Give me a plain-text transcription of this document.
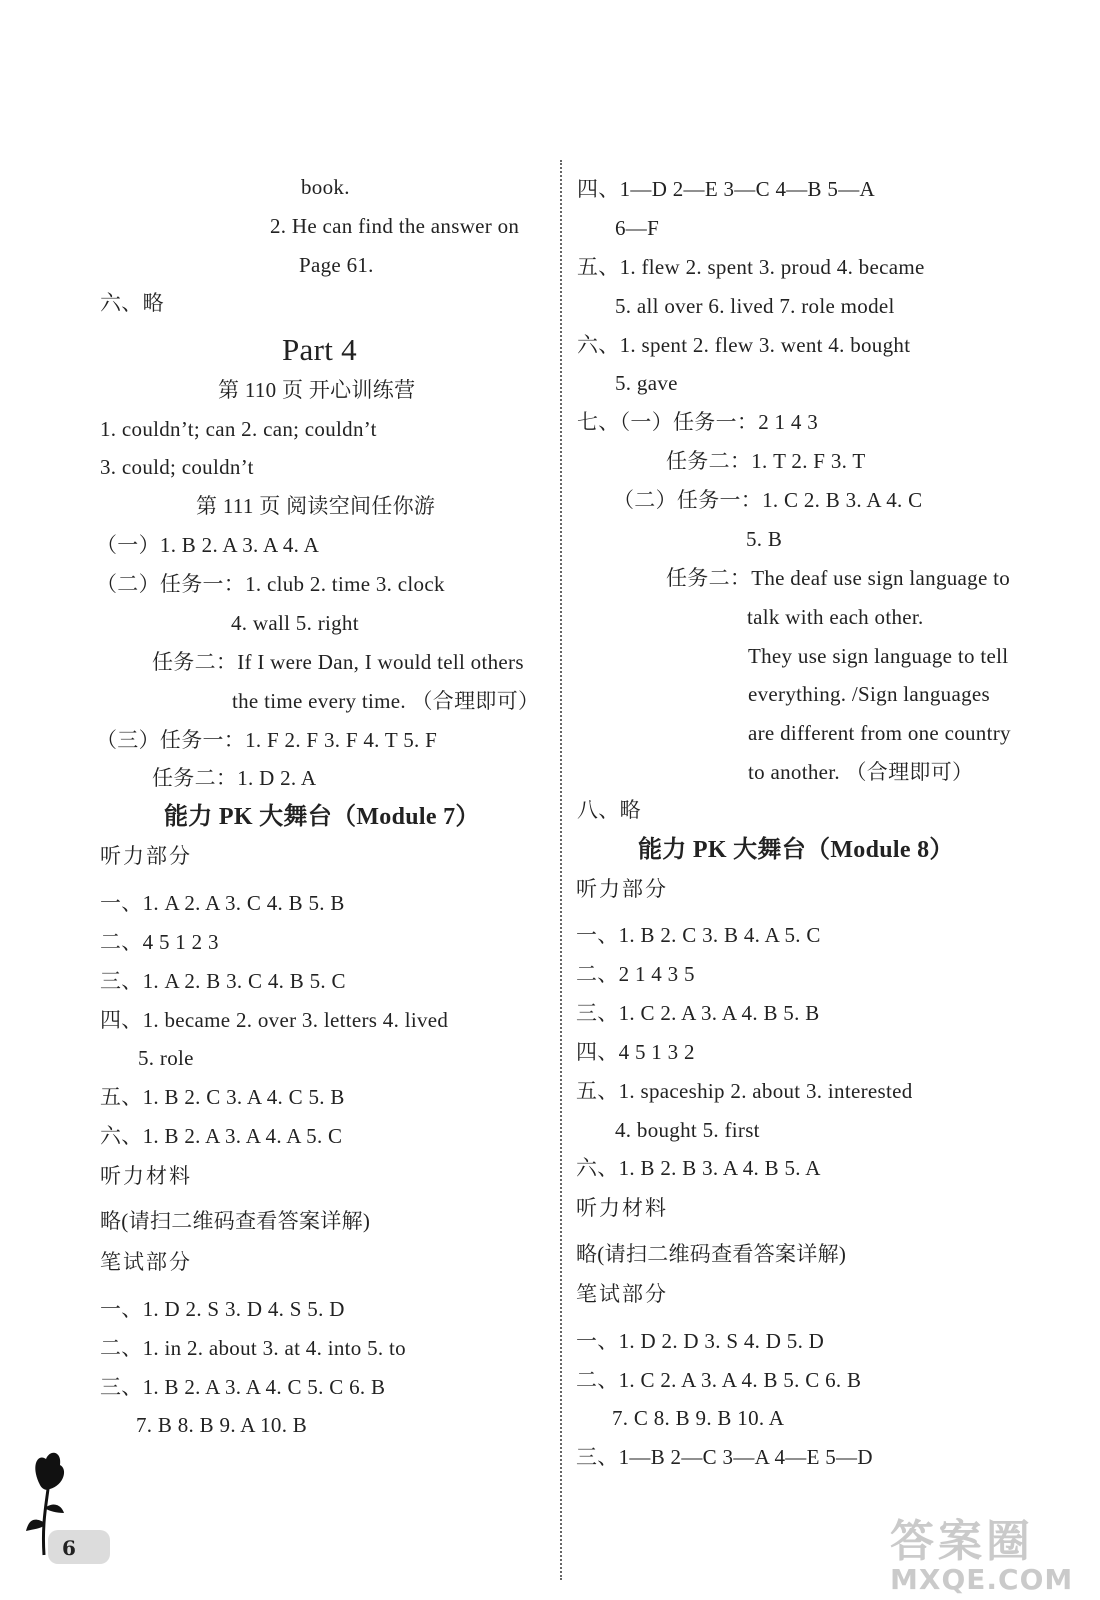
book.
2. He can find the answer on
Page 61.
六、略
Part 4
第 110 页 开心训练营
1. couldn’t; can 2. can; couldn’t
3. could; couldn’t
第 111 页 阅读空间任你游
（一）1. B 2. A 3. A 4. A
（二）任务一：1. club 2. time 3. clock
4. wall 5. right
任务二：If I were Dan, I would tell others
the time every time. （合理即可）
（三）任务一：1. F 2. F 3. F 4. T 5. F
任务二：1. D 2. A
能力 PK 大舞台（Module 7）
听力部分
一、1. A 2. A 3. C 4. B 5. B
二、4 5 1 2 3
三、1. A 2. B 3. C 4. B 5. C
四、1. became 2. over 3. letters 4. lived
5. role
五、1. B 2. C 3. A 4. C 5. B
六、1. B 2. A 3. A 4. A 5. C
听力材料
略(请扫二维码查看答案详解)
笔试部分
一、1. D 2. S 3. D 4. S 5. D
二、1. in 2. about 3. at 4. into 5. to
三、1. B 2. A 3. A 4. C 5. C 6. B
7. B 8. B 9. A 10. B
四、1—D 2—E 3—C 4—B 5—A
6—F
五、1. flew 2. spent 3. proud 4. became
5. all over 6. lived 7. role model
六、1. spent 2. flew 3. went 4. bought
5. gave
七、（一）任务一：2 1 4 3
任务二：1. T 2. F 3. T
（二）任务一：1. C 2. B 3. A 4. C
5. B
任务二：The deaf use sign language to
talk with each other.
They use sign language to tell
everything. /Sign languages
are different from one country
to another. （合理即可）
八、略
能力 PK 大舞台（Module 8）
听力部分
一、1. B 2. C 3. B 4. A 5. C
二、2 1 4 3 5
三、1. C 2. A 3. A 4. B 5. B
四、4 5 1 3 2
五、1. spaceship 2. about 3. interested
4. bought 5. first
六、1. B 2. B 3. A 4. B 5. A
听力材料
略(请扫二维码查看答案详解)
笔试部分
一、1. D 2. D 3. S 4. D 5. D
二、1. C 2. A 3. A 4. B 5. C 6. B
7. C 8. B 9. B 10. A
三、1—B 2—C 3—A 4—E 5—D
6	答案圈
MXQE.COM
